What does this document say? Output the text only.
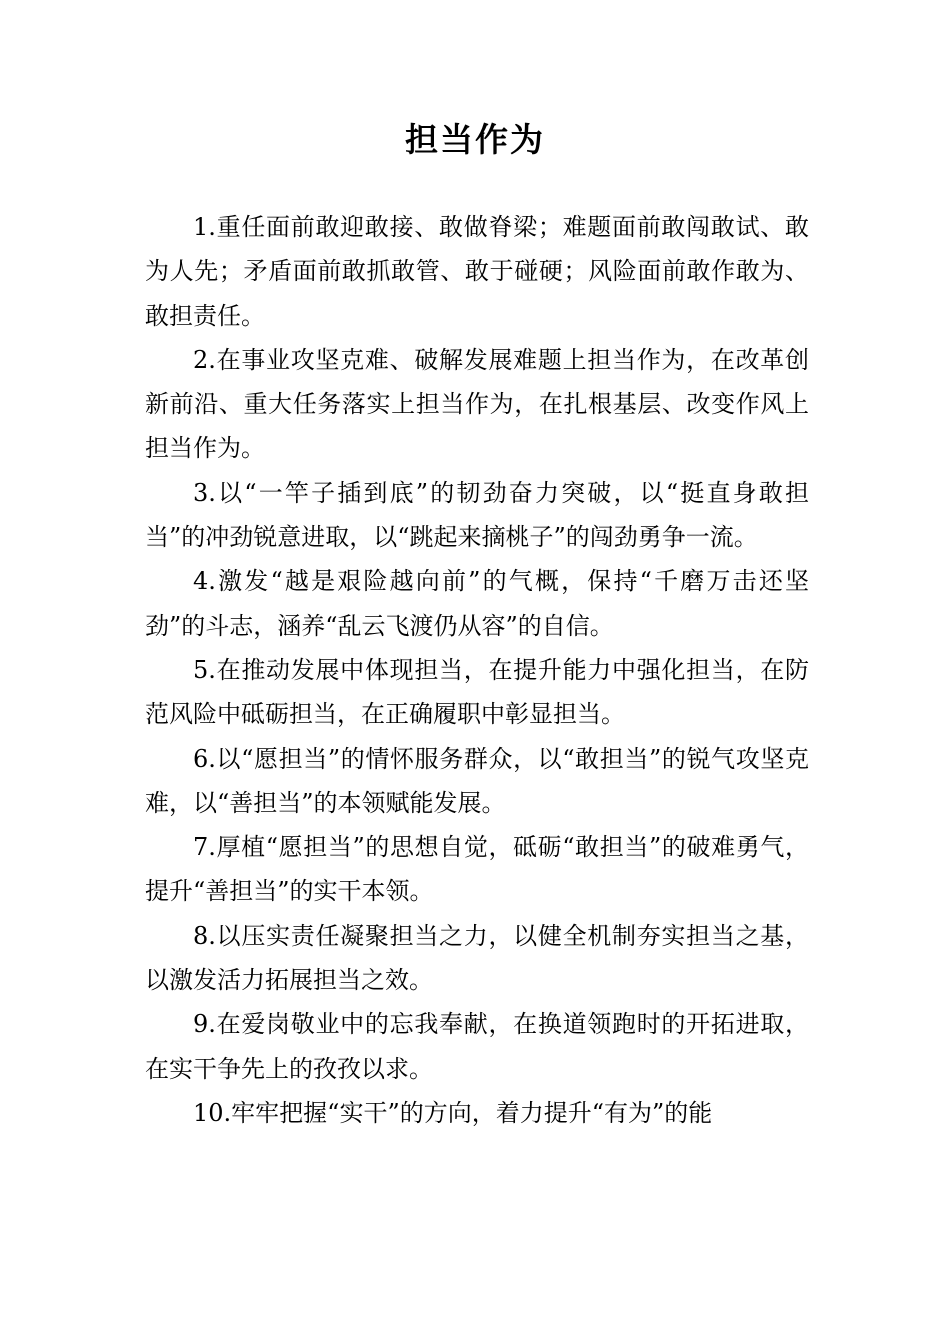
担当作为

1.重任面前敢迎敢接、敢做脊梁；难题面前敢闯敢试、敢为人先；矛盾面前敢抓敢管、敢于碰硬；风险面前敢作敢为、敢担责任。

2.在事业攻坚克难、破解发展难题上担当作为，在改革创新前沿、重大任务落实上担当作为，在扎根基层、改变作风上担当作为。

3.以“一竿子插到底”的韧劲奋力突破，以“挺直身敢担当”的冲劲锐意进取，以“跳起来摘桃子”的闯劲勇争一流。

4.激发“越是艰险越向前”的气概，保持“千磨万击还坚劲”的斗志，涵养“乱云飞渡仍从容”的自信。

5.在推动发展中体现担当，在提升能力中强化担当，在防范风险中砥砺担当，在正确履职中彰显担当。

6.以“愿担当”的情怀服务群众，以“敢担当”的锐气攻坚克难，以“善担当”的本领赋能发展。

7.厚植“愿担当”的思想自觉，砥砺“敢担当”的破难勇气，提升“善担当”的实干本领。

8.以压实责任凝聚担当之力，以健全机制夯实担当之基，以激发活力拓展担当之效。

9.在爱岗敬业中的忘我奉献，在换道领跑时的开拓进取，在实干争先上的孜孜以求。

10.牢牢把握“实干”的方向，着力提升“有为”的能
